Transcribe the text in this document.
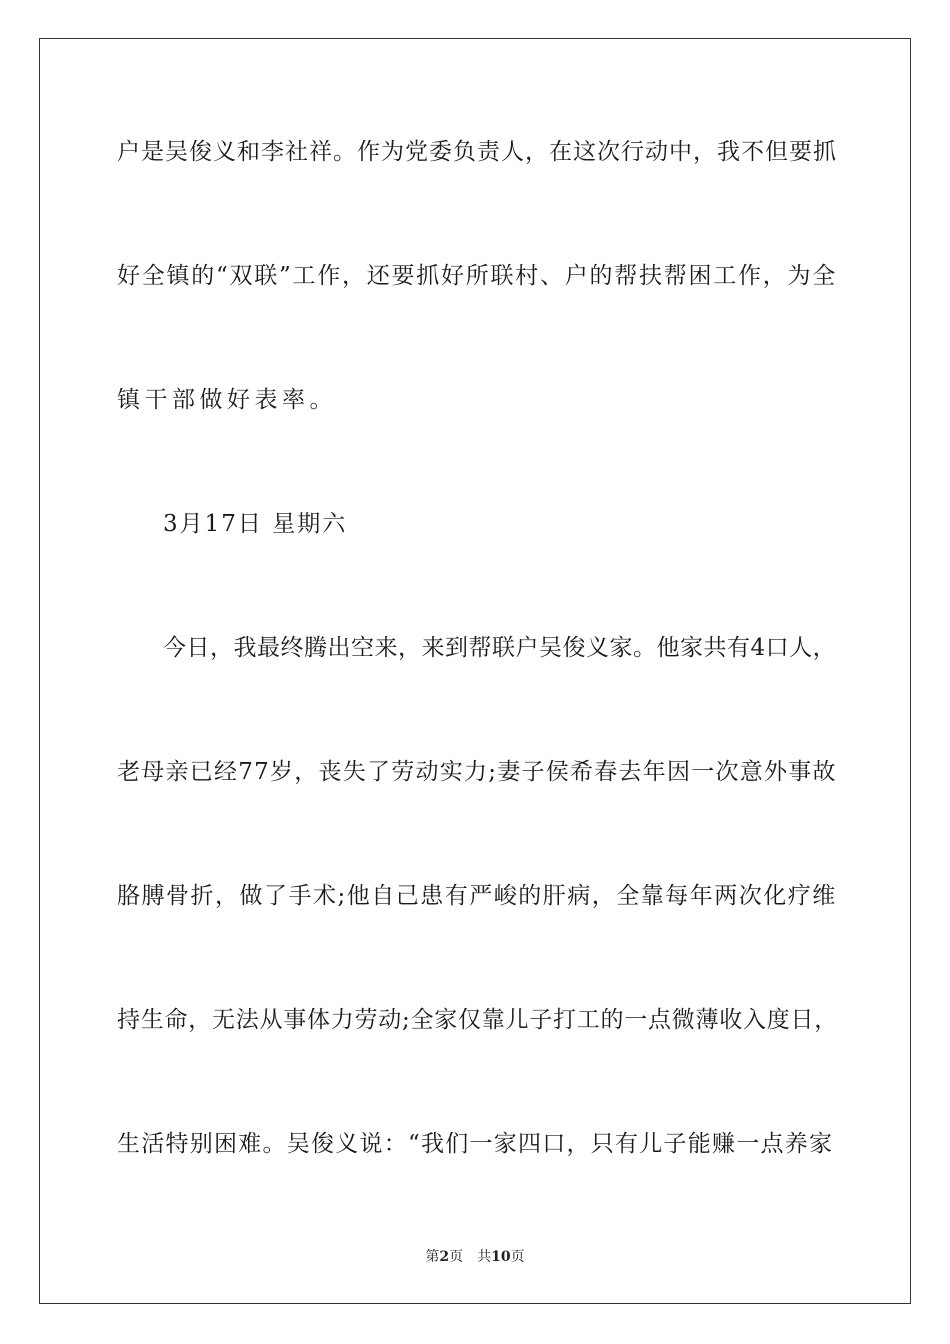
户是吴俊义和李社祥。作为党委负责人，在这次行动中，我不但要抓
好全镇的“双联”工作，还要抓好所联村、户的帮扶帮困工作，为全
镇干部做好表率。
3月17日 星期六
今日，我最终腾出空来，来到帮联户吴俊义家。他家共有4口人，
老母亲已经77岁，丧失了劳动实力;妻子侯希春去年因一次意外事故
胳膊骨折，做了手术;他自己患有严峻的肝病，全靠每年两次化疗维
持生命，无法从事体力劳动;全家仅靠儿子打工的一点微薄收入度日，
生活特别困难。吴俊义说：“我们一家四口，只有儿子能赚一点养家
第2页 共10页
